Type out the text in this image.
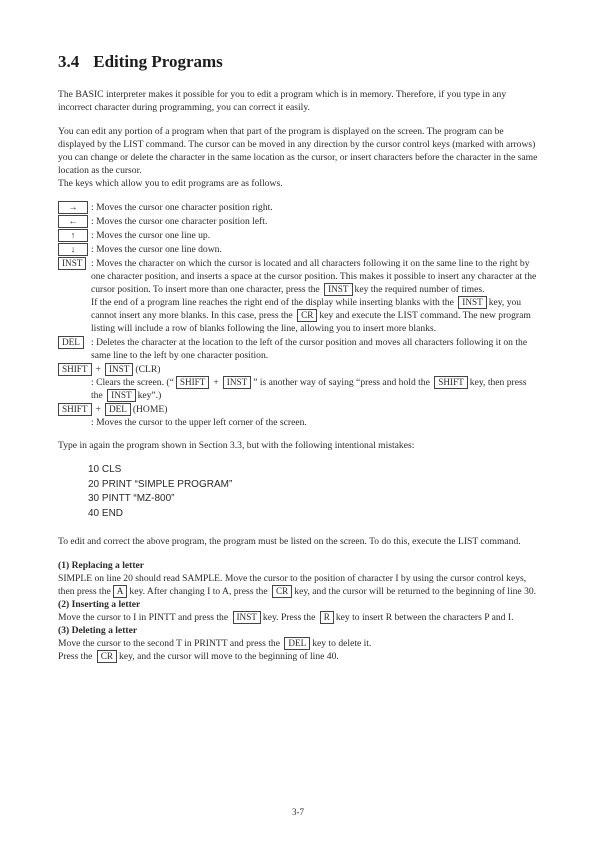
3.4 Editing Programs

The BASIC interpreter makes it possible for you to edit a program which is in memory. Therefore, if you type in any incorrect character during programming, you can correct it easily.

You can edit any portion of a program when that part of the program is displayed on the screen. The program can be displayed by the LIST command. The cursor can be moved in any direction by the cursor control keys (marked with arrows) you can change or delete the character in the same location as the cursor, or insert characters before the character in the same location as the cursor.

The keys which allow you to edit programs are as follows.

→	: Moves the cursor one character position right.
←	: Moves the cursor one character position left.
↑	: Moves the cursor one line up.
↓	: Moves the cursor one line down.
INST : Moves the character on which the cursor is located and all characters following it on the same line to the right by one character position, and inserts a space at the cursor position. This makes it possible to insert any character at the cursor position. To insert more than one character, press the INST key the required number of times.

If the end of a program line reaches the right end of the display while inserting blanks with the INST key, you cannot insert any more blanks. In this case, press the CR key and execute the LIST command. The new program listing will include a row of blanks following the line, allowing you to insert more blanks.

DEL	: Deletes the character at the location to the left of the cursor position and moves all characters following it on the same line to the left by one character position.
SHIFT + INST (CLR)
: Clears the screen. (“ SHIFT + INST ” is another way of saying “press and hold the SHIFT key, then press the INST key”.)
SHIFT + DEL (HOME)
: Moves the cursor to the upper left corner of the screen.

Type in again the program shown in Section 3.3, but with the following intentional mistakes:

10 CLS
20 PRINT “SIMPLE PROGRAM”
30 PINTT “MZ-800”
40 END

To edit and correct the above program, the program must be listed on the screen. To do this, execute the LIST command.

(1) Replacing a letter

SIMPLE on line 20 should read SAMPLE. Move the cursor to the position of character I by using the cursor control keys, then press the A key. After changing I to A, press the CR key, and the cursor will be returned to the beginning of line 30.

(2) Inserting a letter

Move the cursor to I in PINTT and press the INST key. Press the R key to insert R between the characters P and I.

(3) Deleting a letter

Move the cursor to the second T in PRINTT and press the DEL key to delete it.

Press the CR key, and the cursor will move to the beginning of line 40.

3-7
